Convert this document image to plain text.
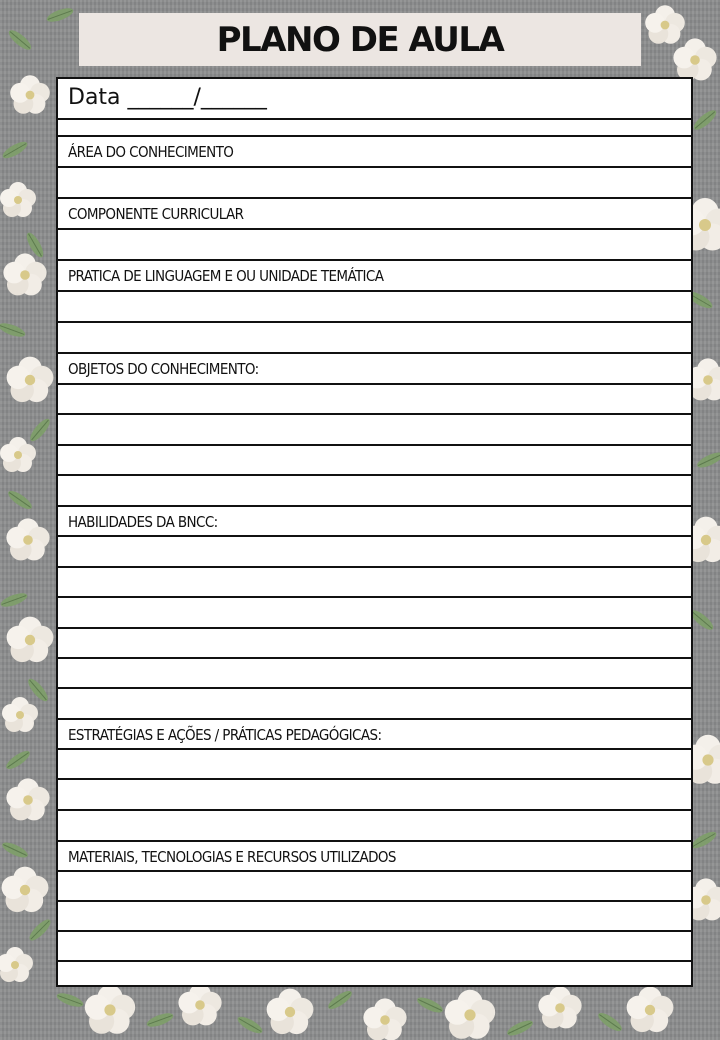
PLANO DE AULA
Data ______/______
ÁREA DO CONHECIMENTO
COMPONENTE CURRICULAR
PRATICA DE LINGUAGEM E OU UNIDADE TEMÁTICA
OBJETOS DO CONHECIMENTO:
HABILIDADES DA BNCC:
ESTRATÉGIAS E AÇÕES / PRÁTICAS PEDAGÓGICAS:
MATERIAIS, TECNOLOGIAS E RECURSOS UTILIZADOS
